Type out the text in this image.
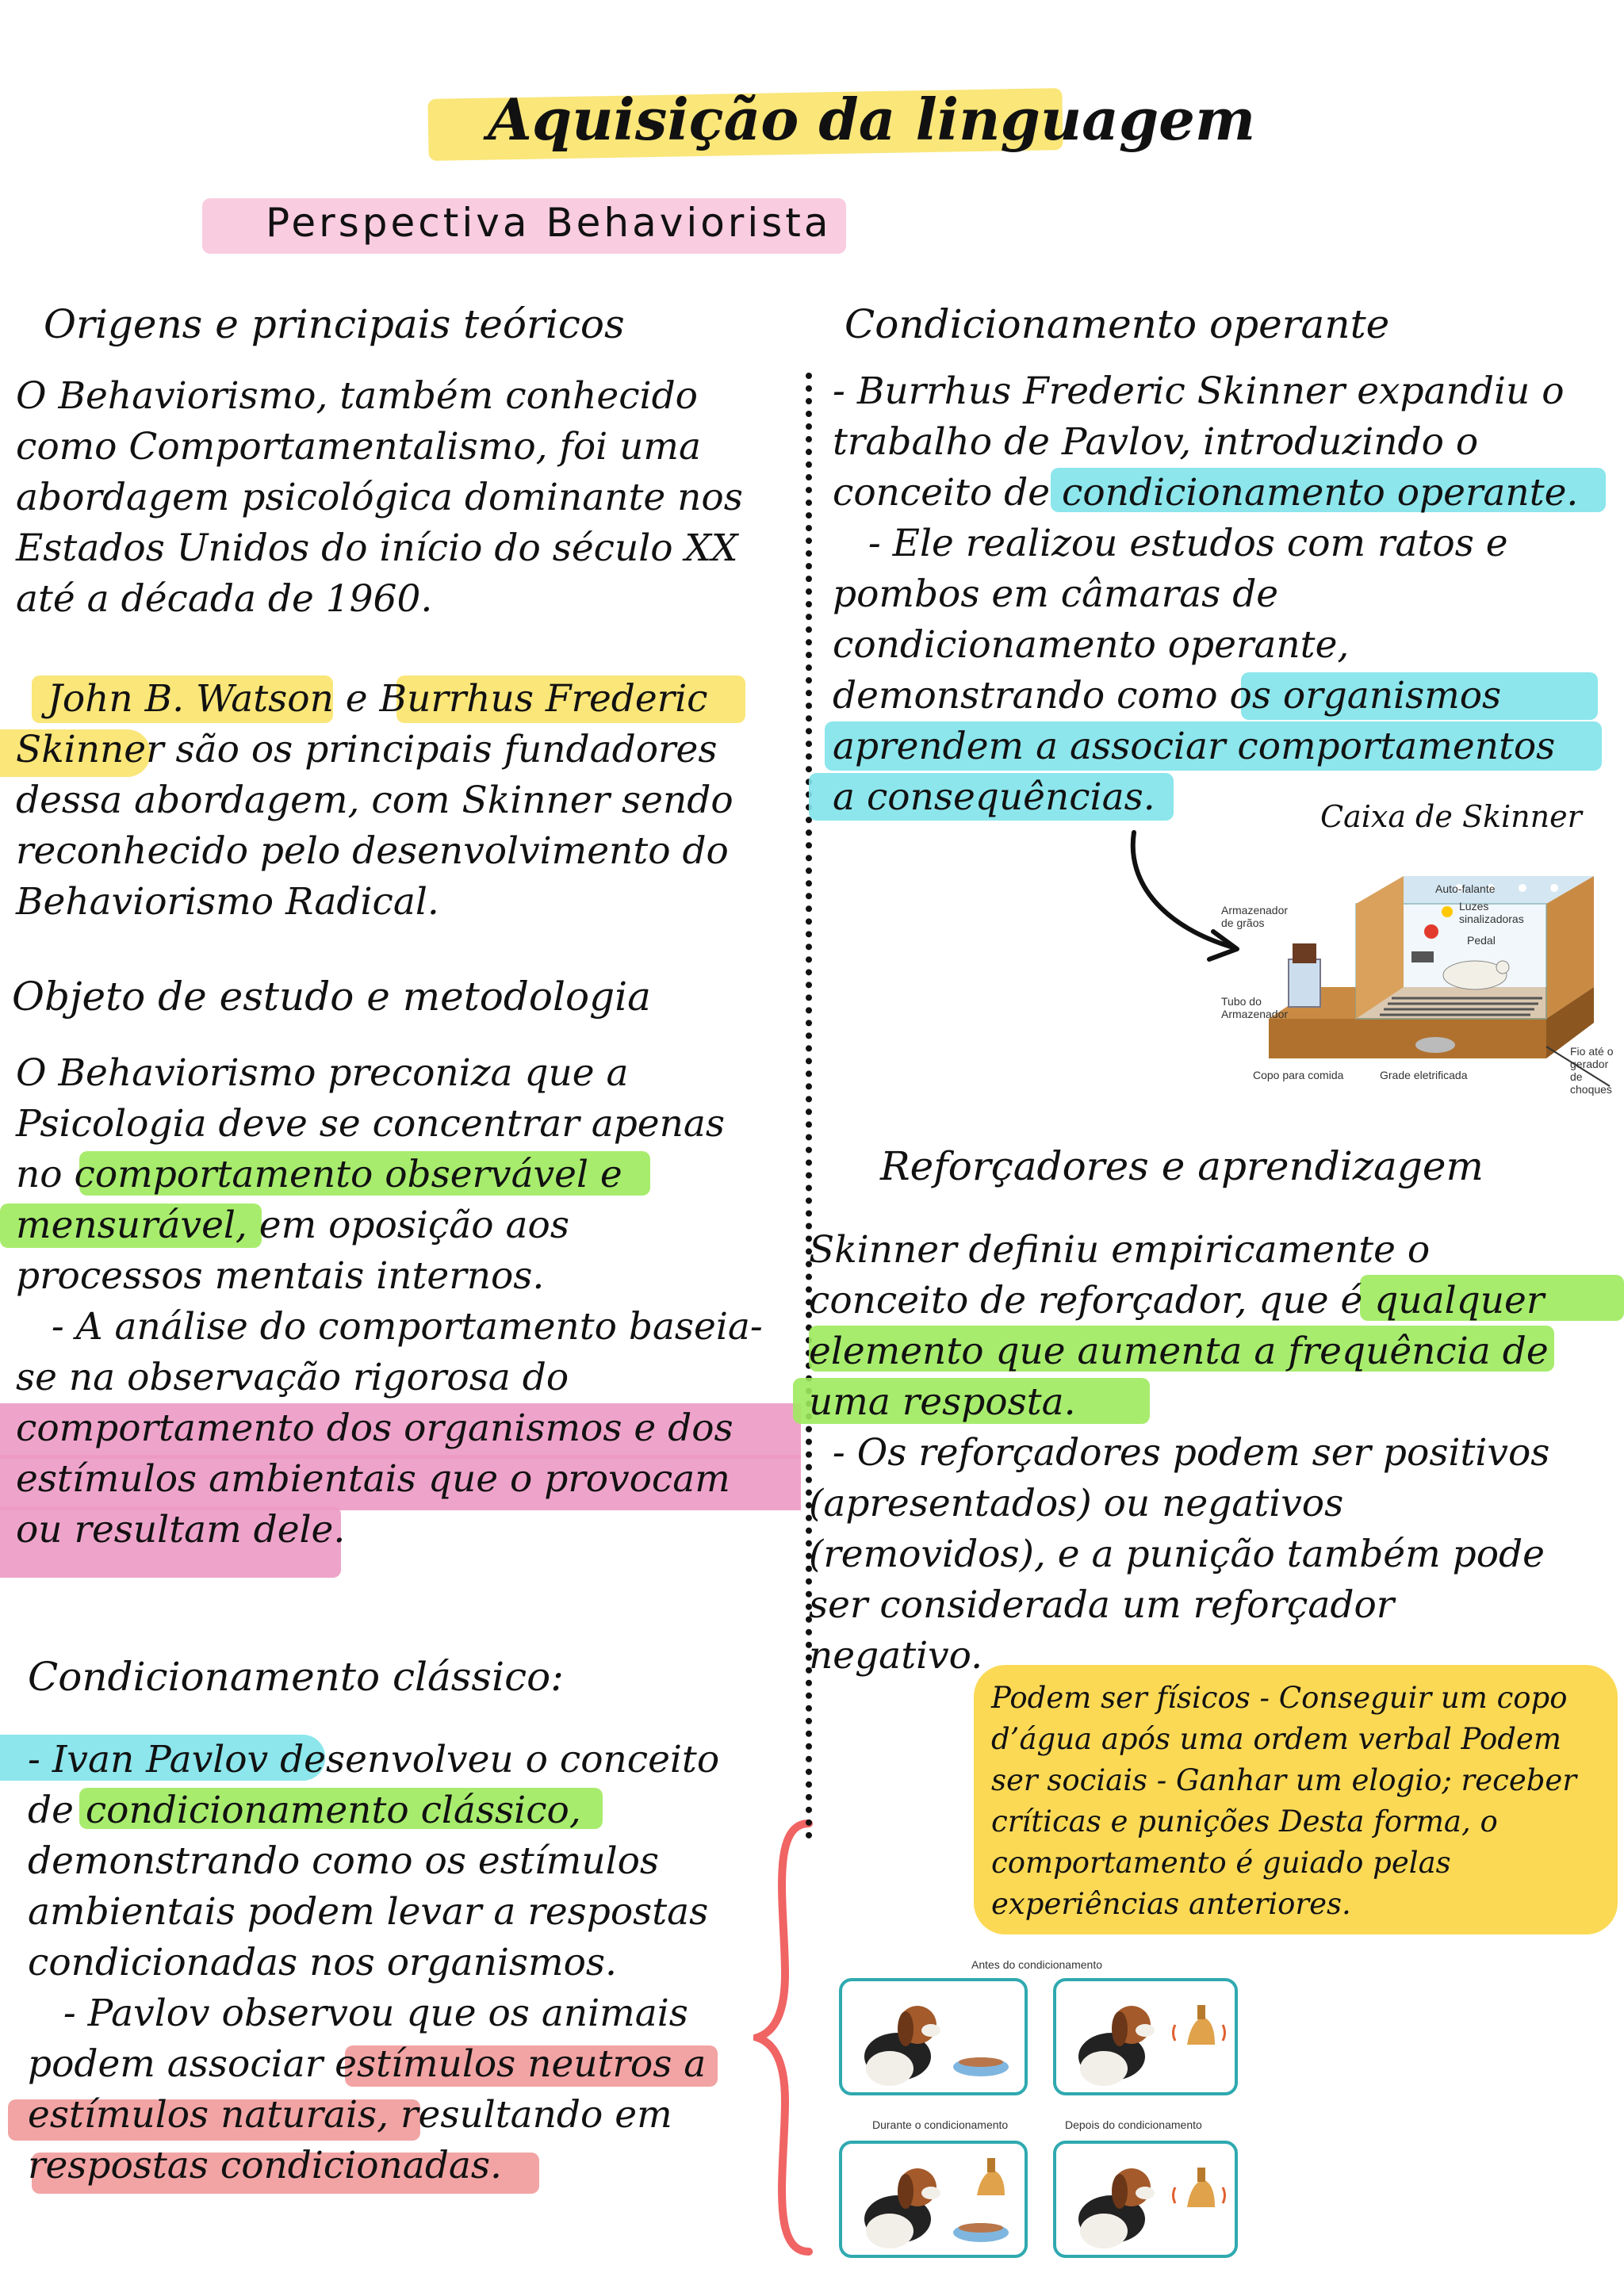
Aquisição da linguagem
Perspectiva Behaviorista
Origens e principais teóricos
O Behaviorismo, também conhecido
como Comportamentalismo, foi uma
abordagem psicológica dominante nos
Estados Unidos do início do século XX
até a década de 1960.
John B. Watson e Burrhus Frederic
Skinner são os principais fundadores
dessa abordagem, com Skinner sendo
reconhecido pelo desenvolvimento do
Behaviorismo Radical.
Objeto de estudo e metodologia
O Behaviorismo preconiza que a
Psicologia deve se concentrar apenas
no comportamento observável e
mensurável, em oposição aos
processos mentais internos.
- A análise do comportamento baseia-
se na observação rigorosa do
comportamento dos organismos e dos
estímulos ambientais que o provocam
ou resultam dele.
Condicionamento clássico:
- Ivan Pavlov desenvolveu o conceito
de condicionamento clássico,
demonstrando como os estímulos
ambientais podem levar a respostas
condicionadas nos organismos.
- Pavlov observou que os animais
podem associar estímulos neutros a
estímulos naturais, resultando em
respostas condicionadas.
Condicionamento operante
- Burrhus Frederic Skinner expandiu o
trabalho de Pavlov, introduzindo o
conceito de condicionamento operante.
- Ele realizou estudos com ratos e
pombos em câmaras de
condicionamento operante,
demonstrando como os organismos
aprendem a associar comportamentos
a consequências.	Caixa de Skinner
Auto-falante
Armazenador de grãos
Luzes sinalizadoras
Pedal
Tubo do Armazenador
Copo para comida	Grade eletrificada
Fio até o gerador de choques
Reforçadores e aprendizagem
Skinner definiu empiricamente o
conceito de reforçador, que é qualquer
elemento que aumenta a frequência de
uma resposta.
- Os reforçadores podem ser positivos
(apresentados) ou negativos
(removidos), e a punição também pode
ser considerada um reforçador
negativo.
Podem ser físicos - Conseguir um copo
d’água após uma ordem verbal Podem
ser sociais - Ganhar um elogio; receber
críticas e punições Desta forma, o
comportamento é guiado pelas
experiências anteriores.
Antes do condicionamento
Durante o condicionamento	Depois do condicionamento
